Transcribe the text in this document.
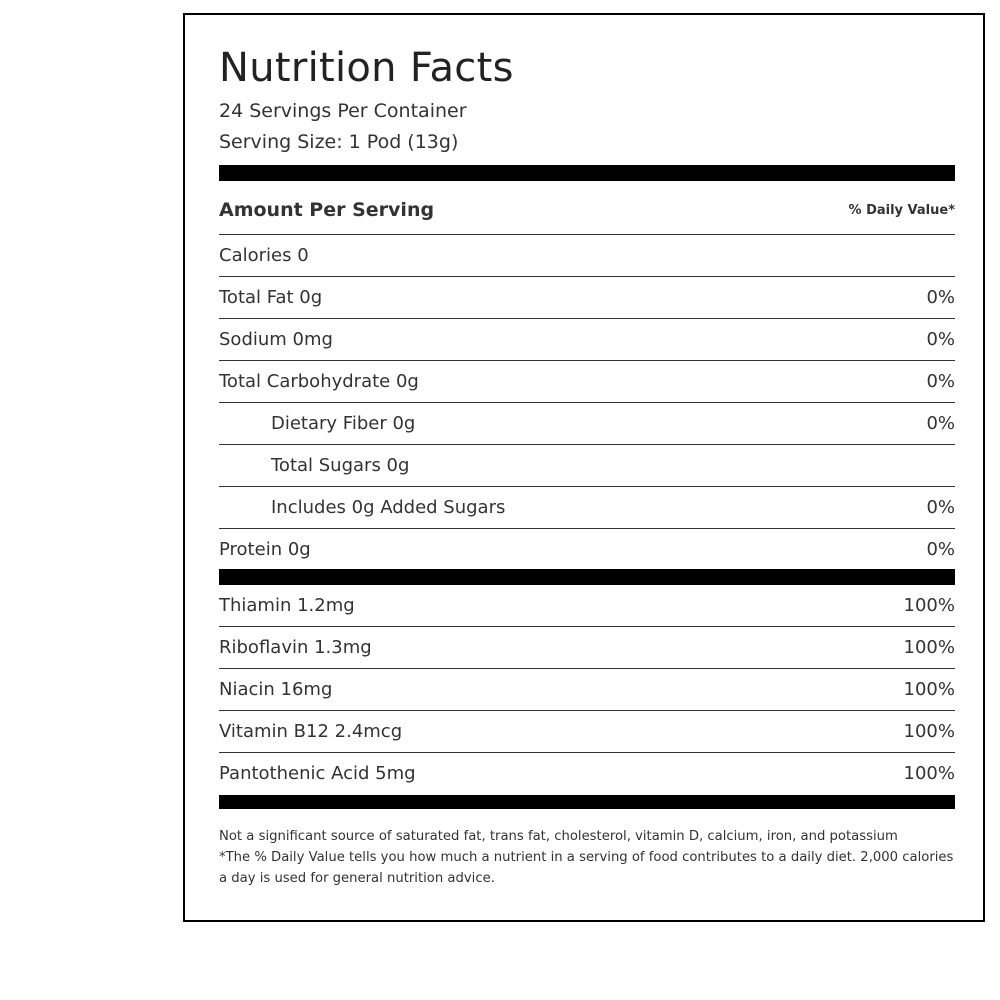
Nutrition Facts
24 Servings Per Container
Serving Size: 1 Pod (13g)
Amount Per Serving	% Daily Value*
Calories 0
Total Fat 0g	0%
Sodium 0mg	0%
Total Carbohydrate 0g	0%
Dietary Fiber 0g	0%
Total Sugars 0g
Includes 0g Added Sugars	0%
Protein 0g	0%
Thiamin 1.2mg	100%
Riboflavin 1.3mg	100%
Niacin 16mg	100%
Vitamin B12 2.4mcg	100%
Pantothenic Acid 5mg	100%

Not a significant source of saturated fat, trans fat, cholesterol, vitamin D, calcium, iron, and potassium

*The % Daily Value tells you how much a nutrient in a serving of food contributes to a daily diet. 2,000 calories a day is used for general nutrition advice.
